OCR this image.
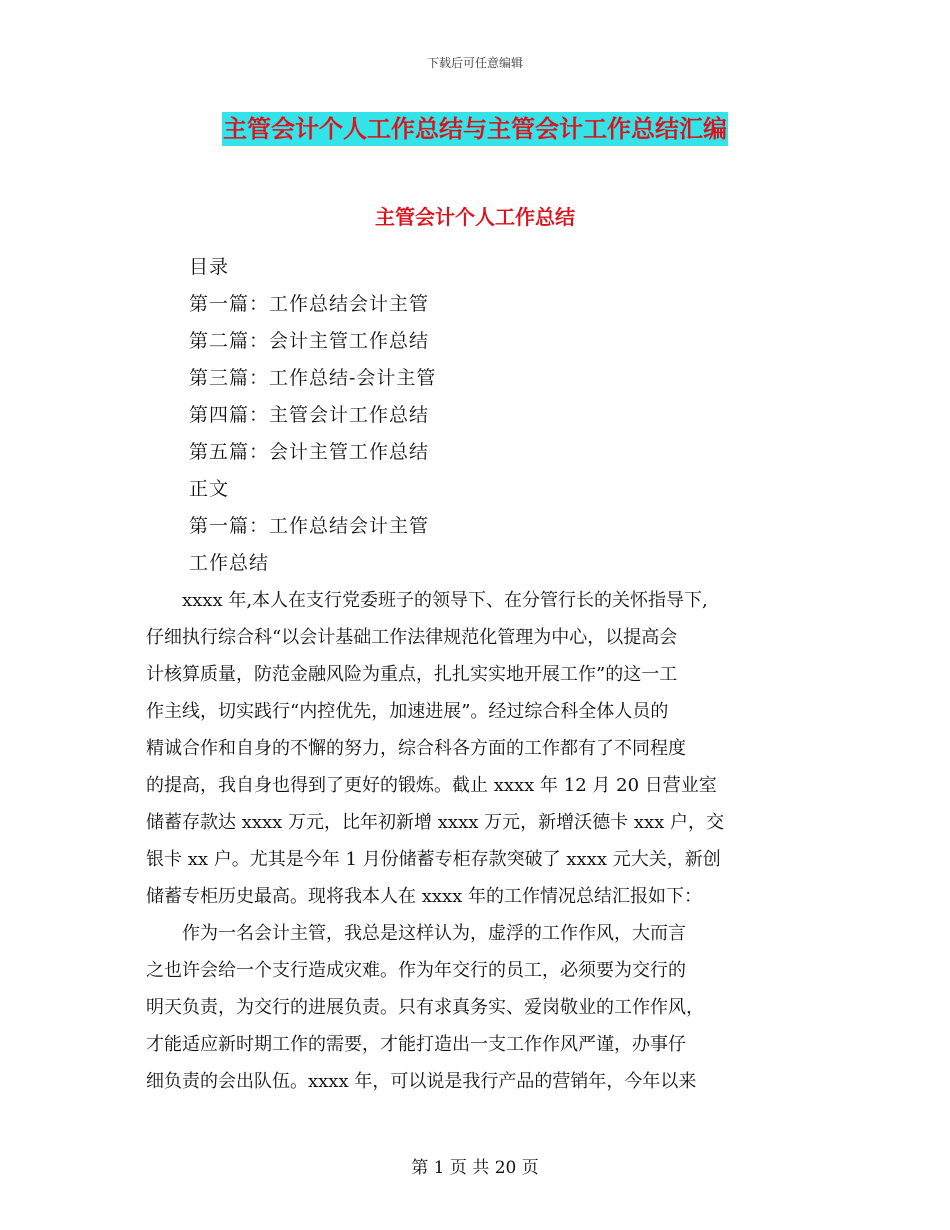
下载后可任意编辑
主管会计个人工作总结与主管会计工作总结汇编
主管会计个人工作总结
目录
第一篇：工作总结会计主管
第二篇：会计主管工作总结
第三篇：工作总结-会计主管
第四篇：主管会计工作总结
第五篇：会计主管工作总结
正文
第一篇：工作总结会计主管
工作总结
　　xxxx 年,本人在支行党委班子的领导下、在分管行长的关怀指导下,
仔细执行综合科“以会计基础工作法律规范化管理为中心，以提高会
计核算质量，防范金融风险为重点，扎扎实实地开展工作”的这一工
作主线，切实践行“内控优先，加速进展”。经过综合科全体人员的
精诚合作和自身的不懈的努力，综合科各方面的工作都有了不同程度
的提高，我自身也得到了更好的锻炼。截止 xxxx 年 12 月 20 日营业室
储蓄存款达 xxxx 万元，比年初新增 xxxx 万元，新增沃德卡 xxx 户，交
银卡 xx 户。尤其是今年 1 月份储蓄专柜存款突破了 xxxx 元大关，新创
储蓄专柜历史最高。现将我本人在 xxxx 年的工作情况总结汇报如下：
　　作为一名会计主管，我总是这样认为，虚浮的工作作风，大而言
之也许会给一个支行造成灾难。作为年交行的员工，必须要为交行的
明天负责，为交行的进展负责。只有求真务实、爱岗敬业的工作作风，
才能适应新时期工作的需要，才能打造出一支工作作风严谨，办事仔
细负责的会出队伍。xxxx 年，可以说是我行产品的营销年，今年以来
第 1 页 共 20 页
